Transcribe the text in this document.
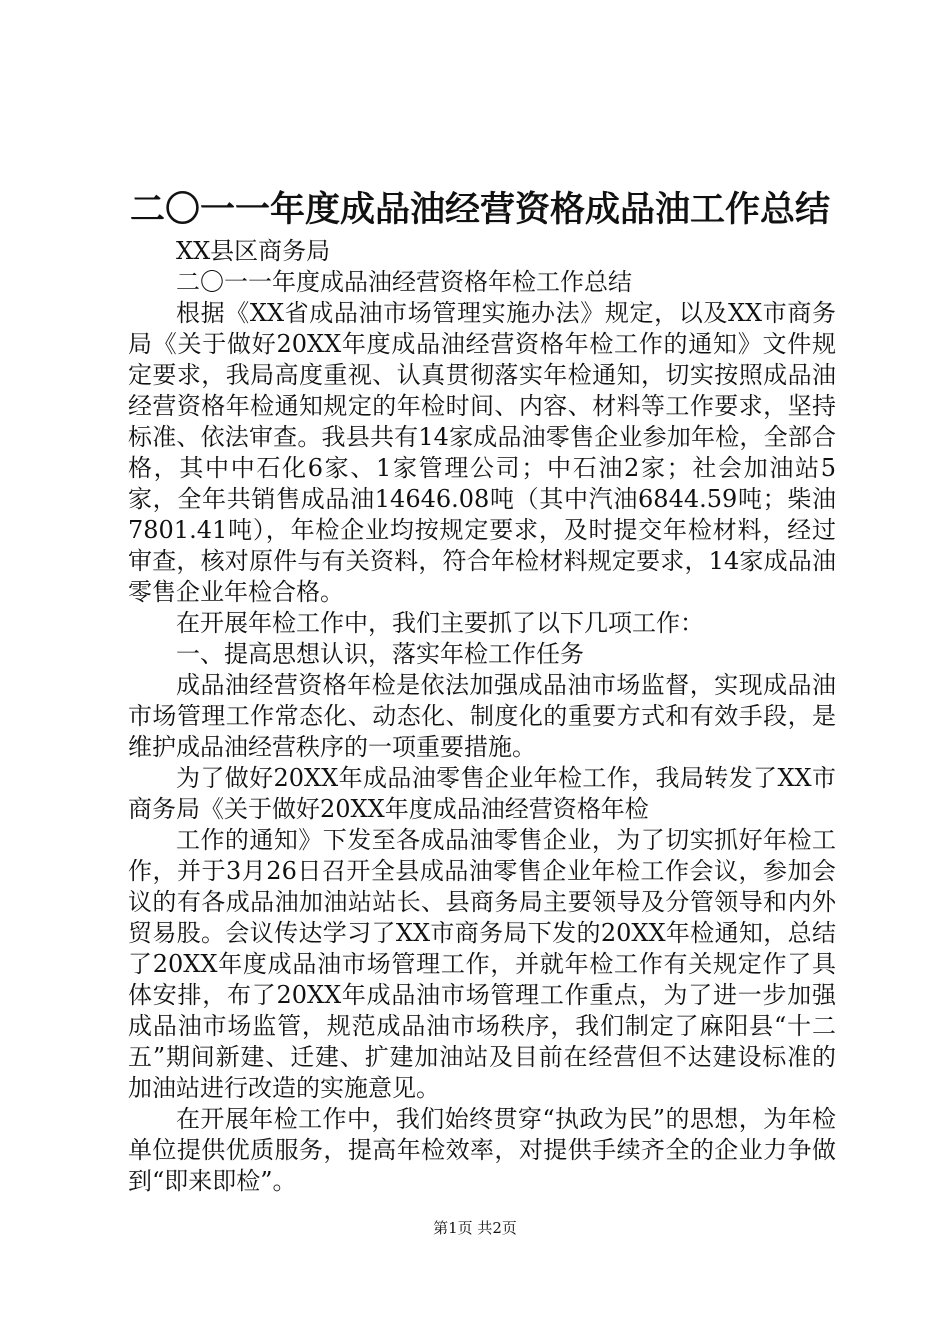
二〇一一年度成品油经营资格成品油工作总结

XX县区商务局

二〇一一年度成品油经营资格年检工作总结

根据《XX省成品油市场管理实施办法》规定，以及XX市商务局《关于做好20XX年度成品油经营资格年检工作的通知》文件规定要求，我局高度重视、认真贯彻落实年检通知，切实按照成品油经营资格年检通知规定的年检时间、内容、材料等工作要求，坚持标准、依法审查。我县共有14家成品油零售企业参加年检，全部合格，其中中石化6家、1家管理公司；中石油2家；社会加油站5家，全年共销售成品油14646.08吨（其中汽油6844.59吨；柴油7801.41吨），年检企业均按规定要求，及时提交年检材料，经过审查，核对原件与有关资料，符合年检材料规定要求，14家成品油零售企业年检合格。

在开展年检工作中，我们主要抓了以下几项工作：

一、提高思想认识，落实年检工作任务

成品油经营资格年检是依法加强成品油市场监督，实现成品油市场管理工作常态化、动态化、制度化的重要方式和有效手段，是维护成品油经营秩序的一项重要措施。

为了做好20XX年成品油零售企业年检工作，我局转发了XX市商务局《关于做好20XX年度成品油经营资格年检

工作的通知》下发至各成品油零售企业，为了切实抓好年检工作，并于3月26日召开全县成品油零售企业年检工作会议，参加会议的有各成品油加油站站长、县商务局主要领导及分管领导和内外贸易股。会议传达学习了XX市商务局下发的20XX年检通知，总结了20XX年度成品油市场管理工作，并就年检工作有关规定作了具体安排，布了20XX年成品油市场管理工作重点，为了进一步加强成品油市场监管，规范成品油市场秩序，我们制定了麻阳县“十二五”期间新建、迁建、扩建加油站及目前在经营但不达建设标准的加油站进行改造的实施意见。

在开展年检工作中，我们始终贯穿“执政为民”的思想，为年检单位提供优质服务，提高年检效率，对提供手续齐全的企业力争做到“即来即检”。

第1页 共2页
